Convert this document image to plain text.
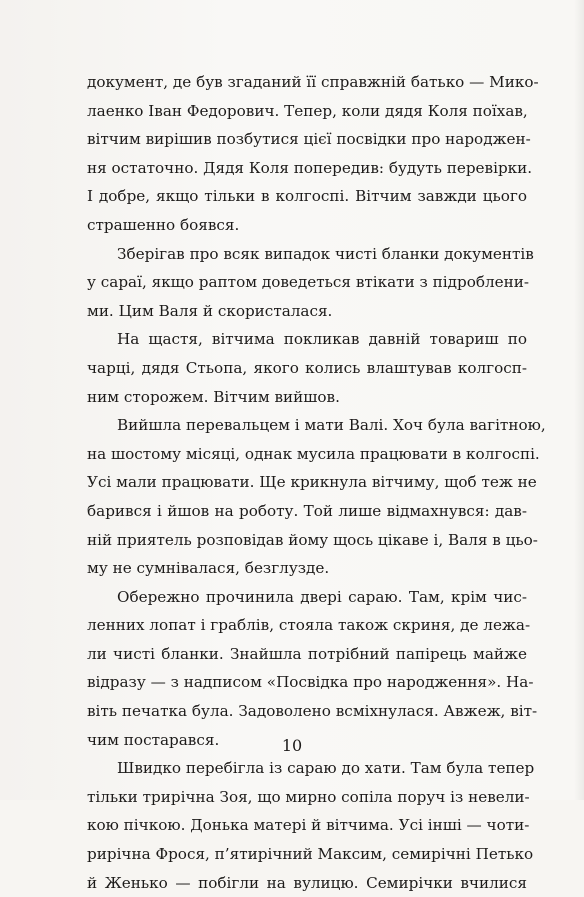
документ, де був згаданий її справжній батько — Мико-
лаенко Іван Федорович. Тепер, коли дядя Коля поїхав,
вітчим вирішив позбутися цієї посвідки про народжен-
ня остаточно. Дядя Коля попередив: будуть перевірки.
І добре, якщо тільки в колгоспі. Вітчим завжди цього
страшенно боявся.
Зберігав про всяк випадок чисті бланки документів
у сараї, якщо раптом доведеться втікати з підроблени-
ми. Цим Валя й скористалася.
На щастя, вітчима покликав давній товариш по
чарці, дядя Стьопа, якого колись влаштував колгосп-
ним сторожем. Вітчим вийшов.
Вийшла перевальцем і мати Валі. Хоч була вагітною,
на шостому місяці, однак мусила працювати в колгоспі.
Усі мали працювати. Ще крикнула вітчиму, щоб теж не
барився і йшов на роботу. Той лише відмахнувся: дав-
ній приятель розповідав йому щось цікаве і, Валя в цьо-
му не сумнівалася, безглузде.
Обережно прочинила двері сараю. Там, крім чис-
ленних лопат і граблів, стояла також скриня, де лежа-
ли чисті бланки. Знайшла потрібний папірець майже
відразу — з надписом «Посвідка про народження». На-
віть печатка була. Задоволено всміхнулася. Авжеж, віт-
чим постарався.
Швидко перебігла із сараю до хати. Там була тепер
тільки трирічна Зоя, що мирно сопіла поруч із невели-
кою пічкою. Донька матері й вітчима. Усі інші — чоти-
рирічна Фрося, п’ятирічний Максим, семирічні Петько
й Женько — побігли на вулицю. Семирічки вчилися
10
